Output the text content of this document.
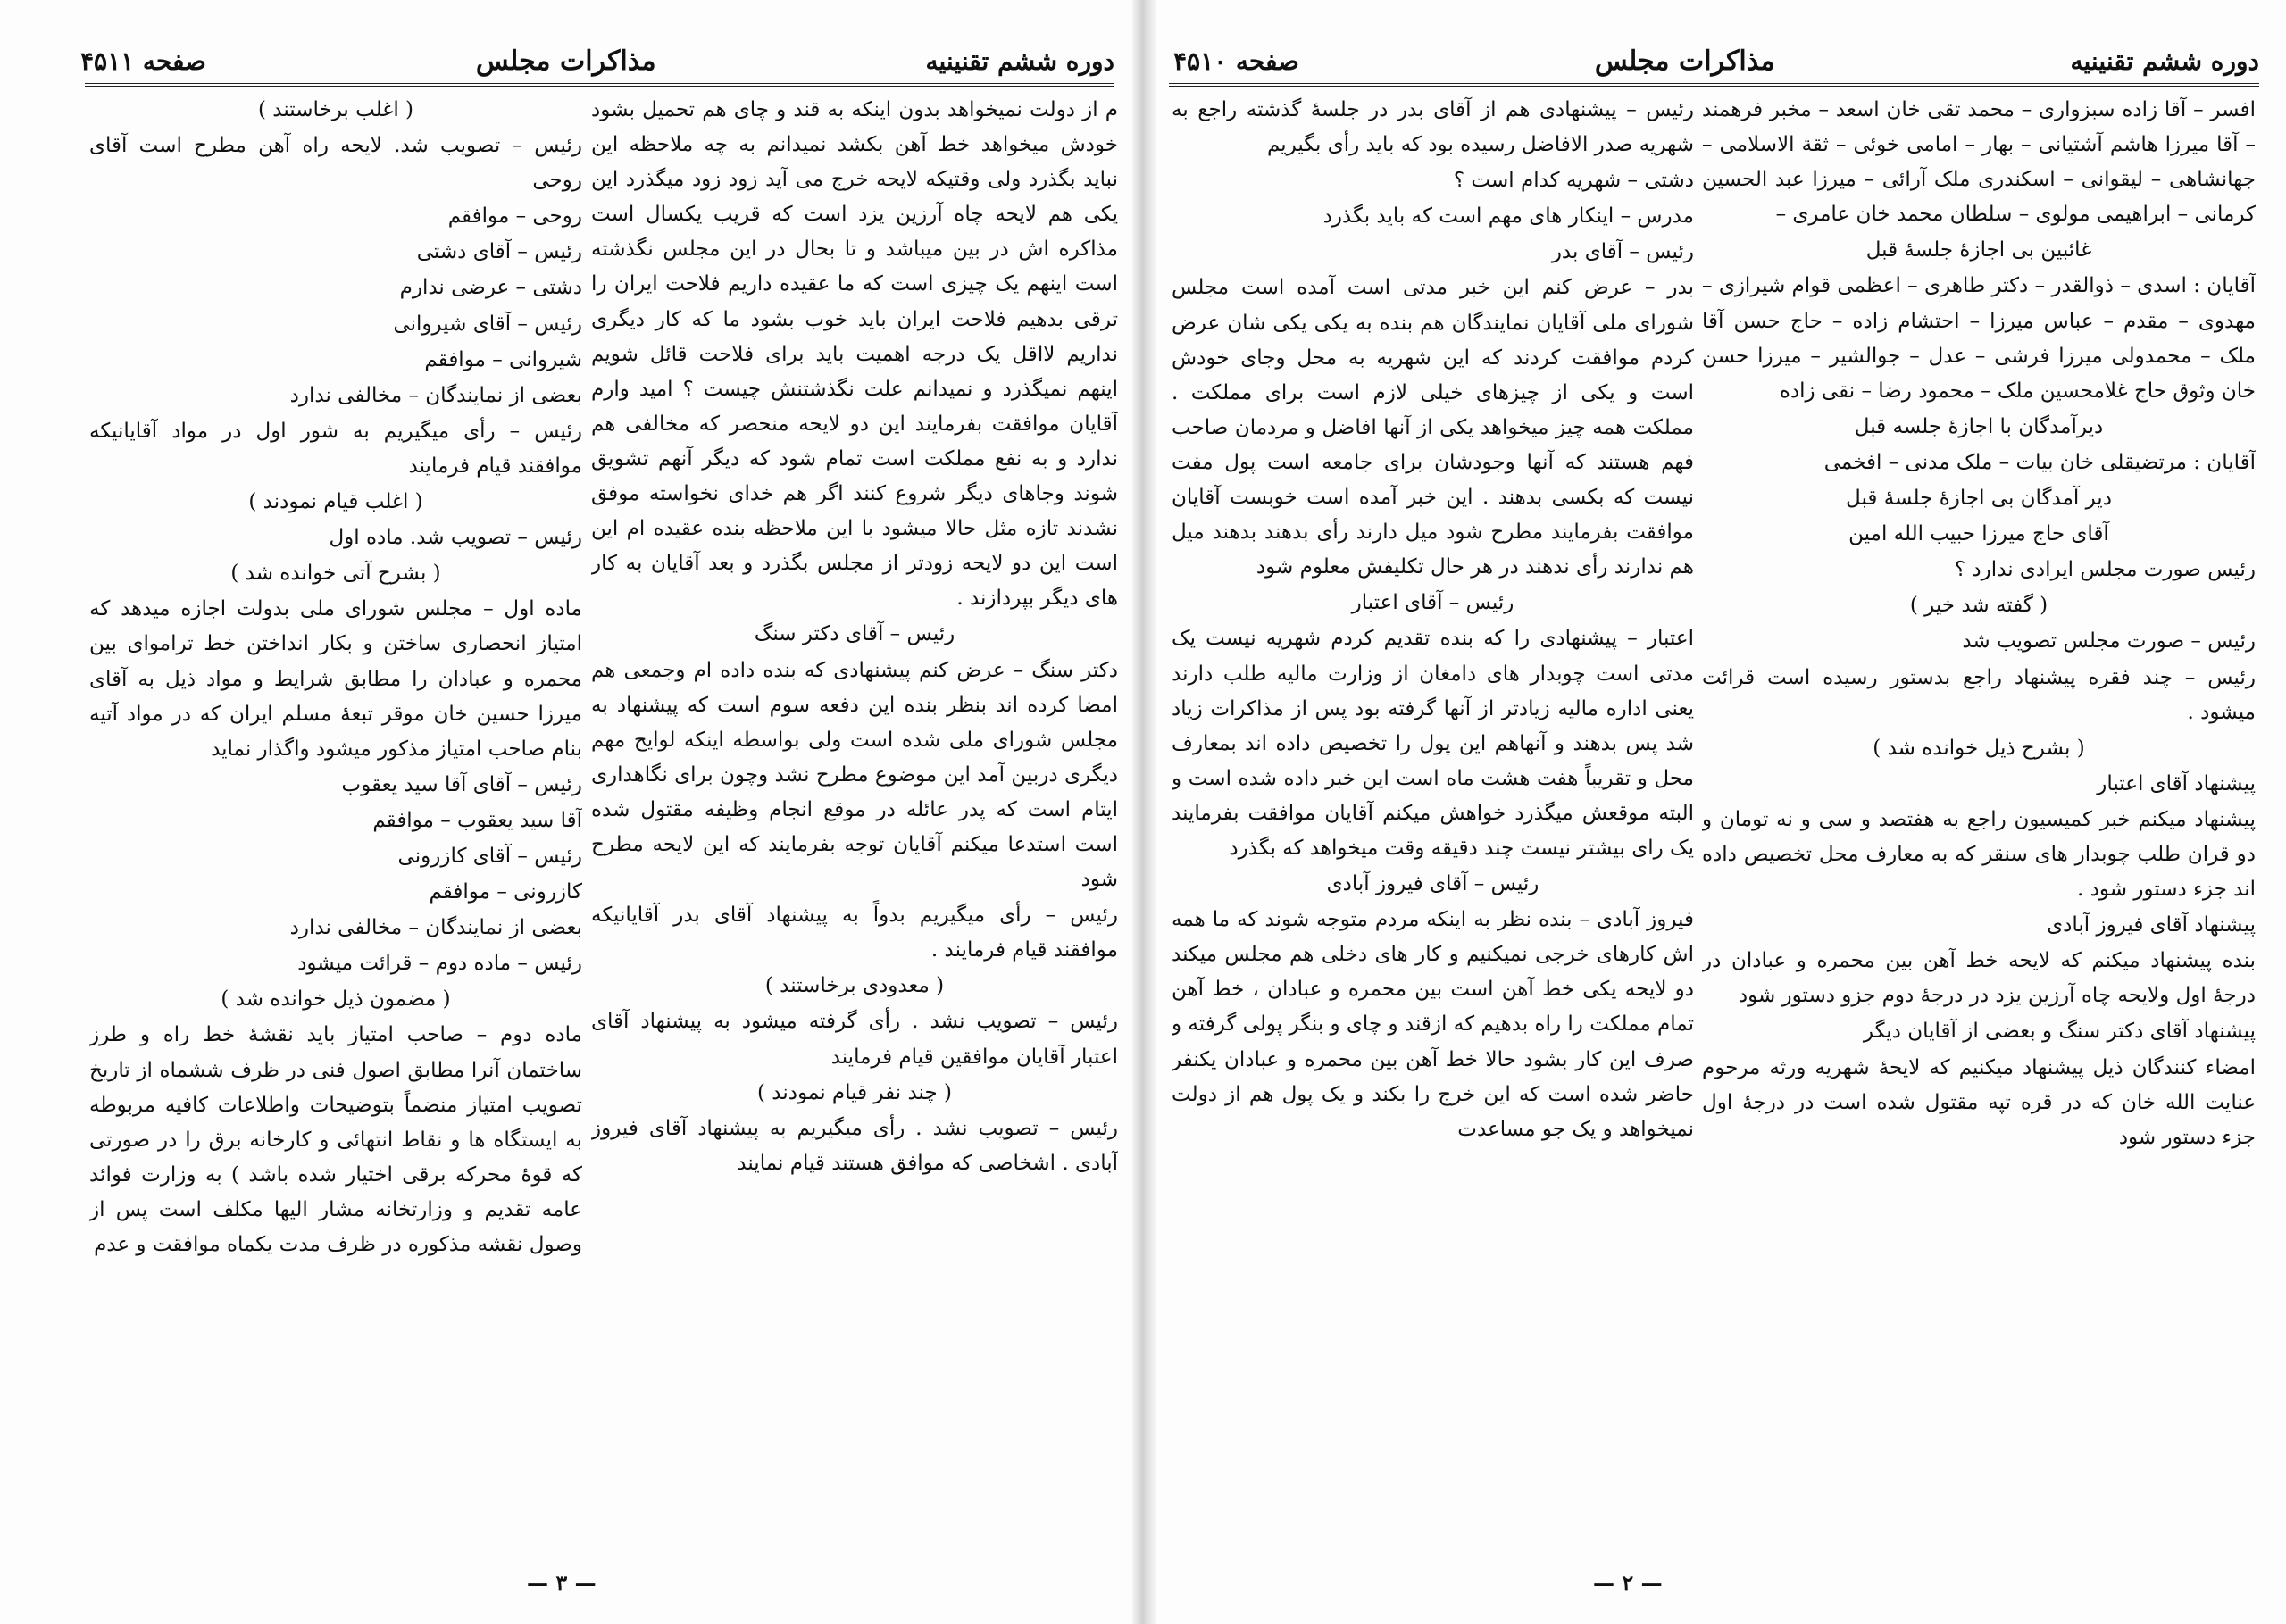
دوره ششم تقنینیه
مذاکرات مجلس
صفحه ۴۵۱۱

م از دولت نمیخواهد بدون اینکه به قند و چای هم تحمیل بشود خودش میخواهد خط آهن بکشد نمیدانم به چه ملاحظه این نباید بگذرد ولی وقتیکه لایحه خرج می آید زود زود میگذرد این یکی هم لایحه چاه آرزین یزد است که قریب یکسال است مذاکره اش در بین میباشد و تا بحال در این مجلس نگذشته است اینهم یک چیزی است که ما عقیده داریم فلاحت ایران را ترقی بدهیم فلاحت ایران باید خوب بشود ما که کار دیگری نداریم لااقل یک درجه اهمیت باید برای فلاحت قائل شویم اینهم نمیگذرد و نمیدانم علت نگذشتنش چیست ؟ امید وارم آقایان موافقت بفرمایند این دو لایحه منحصر که مخالفی هم ندارد و به نفع مملکت است تمام شود که دیگر آنهم تشویق شوند وجاهای دیگر شروع کنند اگر هم خدای نخواسته موفق نشدند تازه مثل حالا میشود با این ملاحظه بنده عقیده ام این است این دو لایحه زودتر از مجلس بگذرد و بعد آقایان به کار های دیگر بپردازند .

رئیس – آقای دکتر سنگ

دکتر سنگ – عرض کنم پیشنهادی که بنده داده ام وجمعی هم امضا کرده اند بنظر بنده این دفعه سوم است که پیشنهاد به مجلس شورای ملی شده است ولی بواسطه اینکه لوایح مهم دیگری دربین آمد این موضوع مطرح نشد وچون برای نگاهداری ایتام است که پدر عائله در موقع انجام وظیفه مقتول شده است استدعا میکنم آقایان توجه بفرمایند که این لایحه مطرح شود

رئیس – رأی میگیریم بدواً به پیشنهاد آقای بدر آقایانیکه موافقند قیام فرمایند .

( معدودی برخاستند )

رئیس – تصویب نشد . رأی گرفته میشود به پیشنهاد آقای اعتبار آقایان موافقین قیام فرمایند

( چند نفر قیام نمودند )

رئیس – تصویب نشد . رأی میگیریم به پیشنهاد آقای فیروز آبادی . اشخاصی که موافق هستند قیام نمایند

( اغلب برخاستند )

رئیس – تصویب شد. لایحه راه آهن مطرح است آقای روحی

روحی – موافقم

رئیس – آقای دشتی

دشتی – عرضی ندارم

رئیس – آقای شیروانی

شیروانی – موافقم

بعضی از نمایندگان – مخالفی ندارد

رئیس – رأی میگیریم به شور اول در مواد آقایانیکه موافقند قیام فرمایند

( اغلب قیام نمودند )

رئیس – تصویب شد. ماده اول

( بشرح آتی خوانده شد )

ماده اول – مجلس شورای ملی بدولت اجازه میدهد که امتیاز انحصاری ساختن و بکار انداختن خط تراموای بین محمره و عبادان را مطابق شرایط و مواد ذیل به آقای میرزا حسین خان موقر تبعهٔ مسلم ایران که در مواد آتیه بنام صاحب امتیاز مذکور میشود واگذار نماید

رئیس – آقای آقا سید یعقوب

آقا سید یعقوب – موافقم

رئیس – آقای کازرونی

کازرونی – موافقم

بعضی از نمایندگان – مخالفی ندارد

رئیس – ماده دوم – قرائت میشود

( مضمون ذیل خوانده شد )

ماده دوم – صاحب امتیاز باید نقشهٔ خط راه و طرز ساختمان آنرا مطابق اصول فنی در ظرف ششماه از تاریخ تصویب امتیاز منضماً بتوضیحات واطلاعات کافیه مربوطه به ایستگاه ها و نقاط انتهائی و کارخانه برق را در صورتی که قوهٔ محرکه برقی اختیار شده باشد ) به وزارت فوائد عامه تقدیم و وزارتخانه مشار الیها مکلف است پس از وصول نقشه مذکوره در ظرف مدت یکماه موافقت و عدم

— ۳ —
دوره ششم تقنینیه
مذاکرات مجلس
صفحه ۴۵۱۰

افسر – آقا زاده سبزواری – محمد تقی خان اسعد – مخبر فرهمند – آقا میرزا هاشم آشتیانی – بهار – امامی خوئی – ثقة الاسلامی – جهانشاهی – لیقوانی – اسکندری ملک آرائی – میرزا عبد الحسین کرمانی – ابراهیمی مولوی – سلطان محمد خان عامری –

غائبین بی اجازهٔ جلسهٔ قبل

آقایان : اسدی – ذوالقدر – دکتر طاهری – اعظمی قوام شیرازی – مهدوی – مقدم – عباس میرزا – احتشام زاده – حاج حسن آقا ملک – محمدولی میرزا فرشی – عدل – جوالشیر – میرزا حسن خان وثوق حاج غلامحسین ملک – محمود رضا – نقی زاده

دیرآمدگان با اجازهٔ جلسه قبل

آقایان : مرتضیقلی خان بیات – ملک مدنی – افخمی

دیر آمدگان بی اجازهٔ جلسهٔ قبل

آقای حاج میرزا حبیب الله امین

رئیس صورت مجلس ایرادی ندارد ؟

( گفته شد خیر )

رئیس – صورت مجلس تصویب شد

رئیس – چند فقره پیشنهاد راجع بدستور رسیده است قرائت میشود .

( بشرح ذیل خوانده شد )

پیشنهاد آقای اعتبار

پیشنهاد میکنم خبر کمیسیون راجع به هفتصد و سی و نه تومان و دو قران طلب چوبدار های سنقر که به معارف محل تخصیص داده اند جزء دستور شود .

پیشنهاد آقای فیروز آبادی

بنده پیشنهاد میکنم که لایحه خط آهن بین محمره و عبادان در درجهٔ اول ولایحه چاه آرزین یزد در درجهٔ دوم جزو دستور شود

پیشنهاد آقای دکتر سنگ و بعضی از آقایان دیگر

امضاء کنندگان ذیل پیشنهاد میکنیم که لایحهٔ شهریه ورثه مرحوم عنایت الله خان که در قره تپه مقتول شده است در درجهٔ اول جزء دستور شود

رئیس – پیشنهادی هم از آقای بدر در جلسهٔ گذشته راجع به شهریه صدر الافاضل رسیده بود که باید رأی بگیریم

دشتی – شهریه کدام است ؟

مدرس – اینکار های مهم است که باید بگذرد

رئیس – آقای بدر

بدر – عرض کنم این خبر مدتی است آمده است مجلس شورای ملی آقایان نمایندگان هم بنده به یکی یکی شان عرض کردم موافقت کردند که این شهریه به محل وجای خودش است و یکی از چیزهای خیلی لازم است برای مملکت . مملکت همه چیز میخواهد یکی از آنها افاضل و مردمان صاحب فهم هستند که آنها وجودشان برای جامعه است پول مفت نیست که بکسی بدهند . این خبر آمده است خوبست آقایان موافقت بفرمایند مطرح شود میل دارند رأی بدهند بدهند میل هم ندارند رأی ندهند در هر حال تکلیفش معلوم شود

رئیس – آقای اعتبار

اعتبار – پیشنهادی را که بنده تقدیم کردم شهریه نیست یک مدتی است چوبدار های دامغان از وزارت مالیه طلب دارند یعنی اداره مالیه زیادتر از آنها گرفته بود پس از مذاکرات زیاد شد پس بدهند و آنهاهم این پول را تخصیص داده اند بمعارف محل و تقریباً هفت هشت ماه است این خبر داده شده است و البته موقعش میگذرد خواهش میکنم آقایان موافقت بفرمایند یک رای بیشتر نیست چند دقیقه وقت میخواهد که بگذرد

رئیس – آقای فیروز آبادی

فیروز آبادی – بنده نظر به اینکه مردم متوجه شوند که ما همه اش کارهای خرجی نمیکنیم و کار های دخلی هم مجلس میکند دو لایحه یکی خط آهن است بین محمره و عبادان ، خط آهن تمام مملکت را راه بدهیم که ازقند و چای و بنگر پولی گرفته و صرف این کار بشود حالا خط آهن بین محمره و عبادان یکنفر حاضر شده است که این خرج را بکند و یک پول هم از دولت نمیخواهد و یک جو مساعدت

— ۲ —
